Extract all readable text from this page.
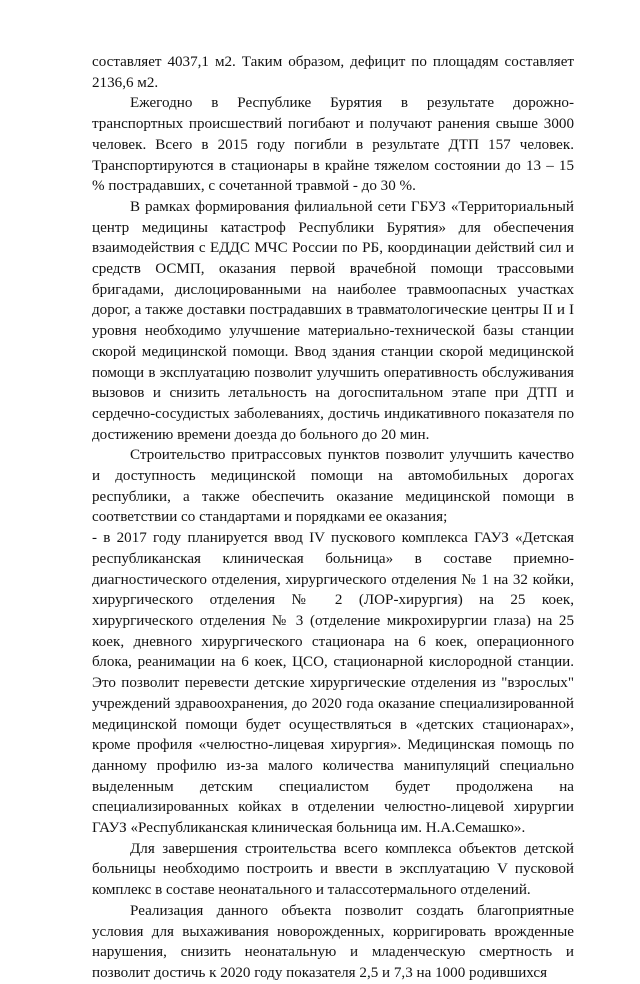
составляет 4037,1 м2. Таким образом, дефицит по площадям составляет 2136,6 м2.

Ежегодно в Республике Бурятия в результате дорожно-транспортных происшествий погибают и получают ранения свыше 3000 человек. Всего в 2015 году погибли в результате ДТП 157 человек. Транспортируются в стационары в крайне тяжелом состоянии до 13 – 15 % пострадавших, с сочетанной травмой - до 30 %.

В рамках формирования филиальной сети ГБУЗ «Территориальный центр медицины катастроф Республики Бурятия» для обеспечения взаимодействия с ЕДДС МЧС России по РБ, координации действий сил и средств ОСМП, оказания первой врачебной помощи трассовыми бригадами, дислоцированными на наиболее травмоопасных участках дорог, а также доставки пострадавших в травматологические центры II и I уровня необходимо улучшение материально-технической базы станции скорой медицинской помощи. Ввод здания станции скорой медицинской помощи в эксплуатацию позволит улучшить оперативность обслуживания вызовов и снизить летальность на догоспитальном этапе при ДТП и сердечно-сосудистых заболеваниях, достичь индикативного показателя по достижению времени доезда до больного до 20 мин.

Строительство притрассовых пунктов позволит улучшить качество и доступность медицинской помощи на автомобильных дорогах республики, а также обеспечить оказание медицинской помощи в соответствии со стандартами и порядками ее оказания;

- в 2017 году планируется ввод IV пускового комплекса ГАУЗ «Детская республиканская клиническая больница» в составе приемно-диагностического отделения, хирургического отделения № 1 на 32 койки, хирургического отделения № 2 (ЛОР-хирургия) на 25 коек, хирургического отделения № 3 (отделение микрохирургии глаза) на 25 коек, дневного хирургического стационара на 6 коек, операционного блока, реанимации на 6 коек, ЦСО, стационарной кислородной станции. Это позволит перевести детские хирургические отделения из "взрослых" учреждений здравоохранения, до 2020 года оказание специализированной медицинской помощи будет осуществляться в «детских стационарах», кроме профиля «челюстно-лицевая хирургия». Медицинская помощь по данному профилю из-за малого количества манипуляций специально выделенным детским специалистом будет продолжена на специализированных койках в отделении челюстно-лицевой хирургии ГАУЗ «Республиканская клиническая больница им. Н.А.Семашко».

Для завершения строительства всего комплекса объектов детской больницы необходимо построить и ввести в эксплуатацию V пусковой комплекс в составе неонатального и талассотермального отделений.

Реализация данного объекта позволит создать благоприятные условия для выхаживания новорожденных, корригировать врожденные нарушения, снизить неонатальную и младенческую смертность и позволит достичь к 2020 году показателя 2,5 и 7,3 на 1000 родившихся
